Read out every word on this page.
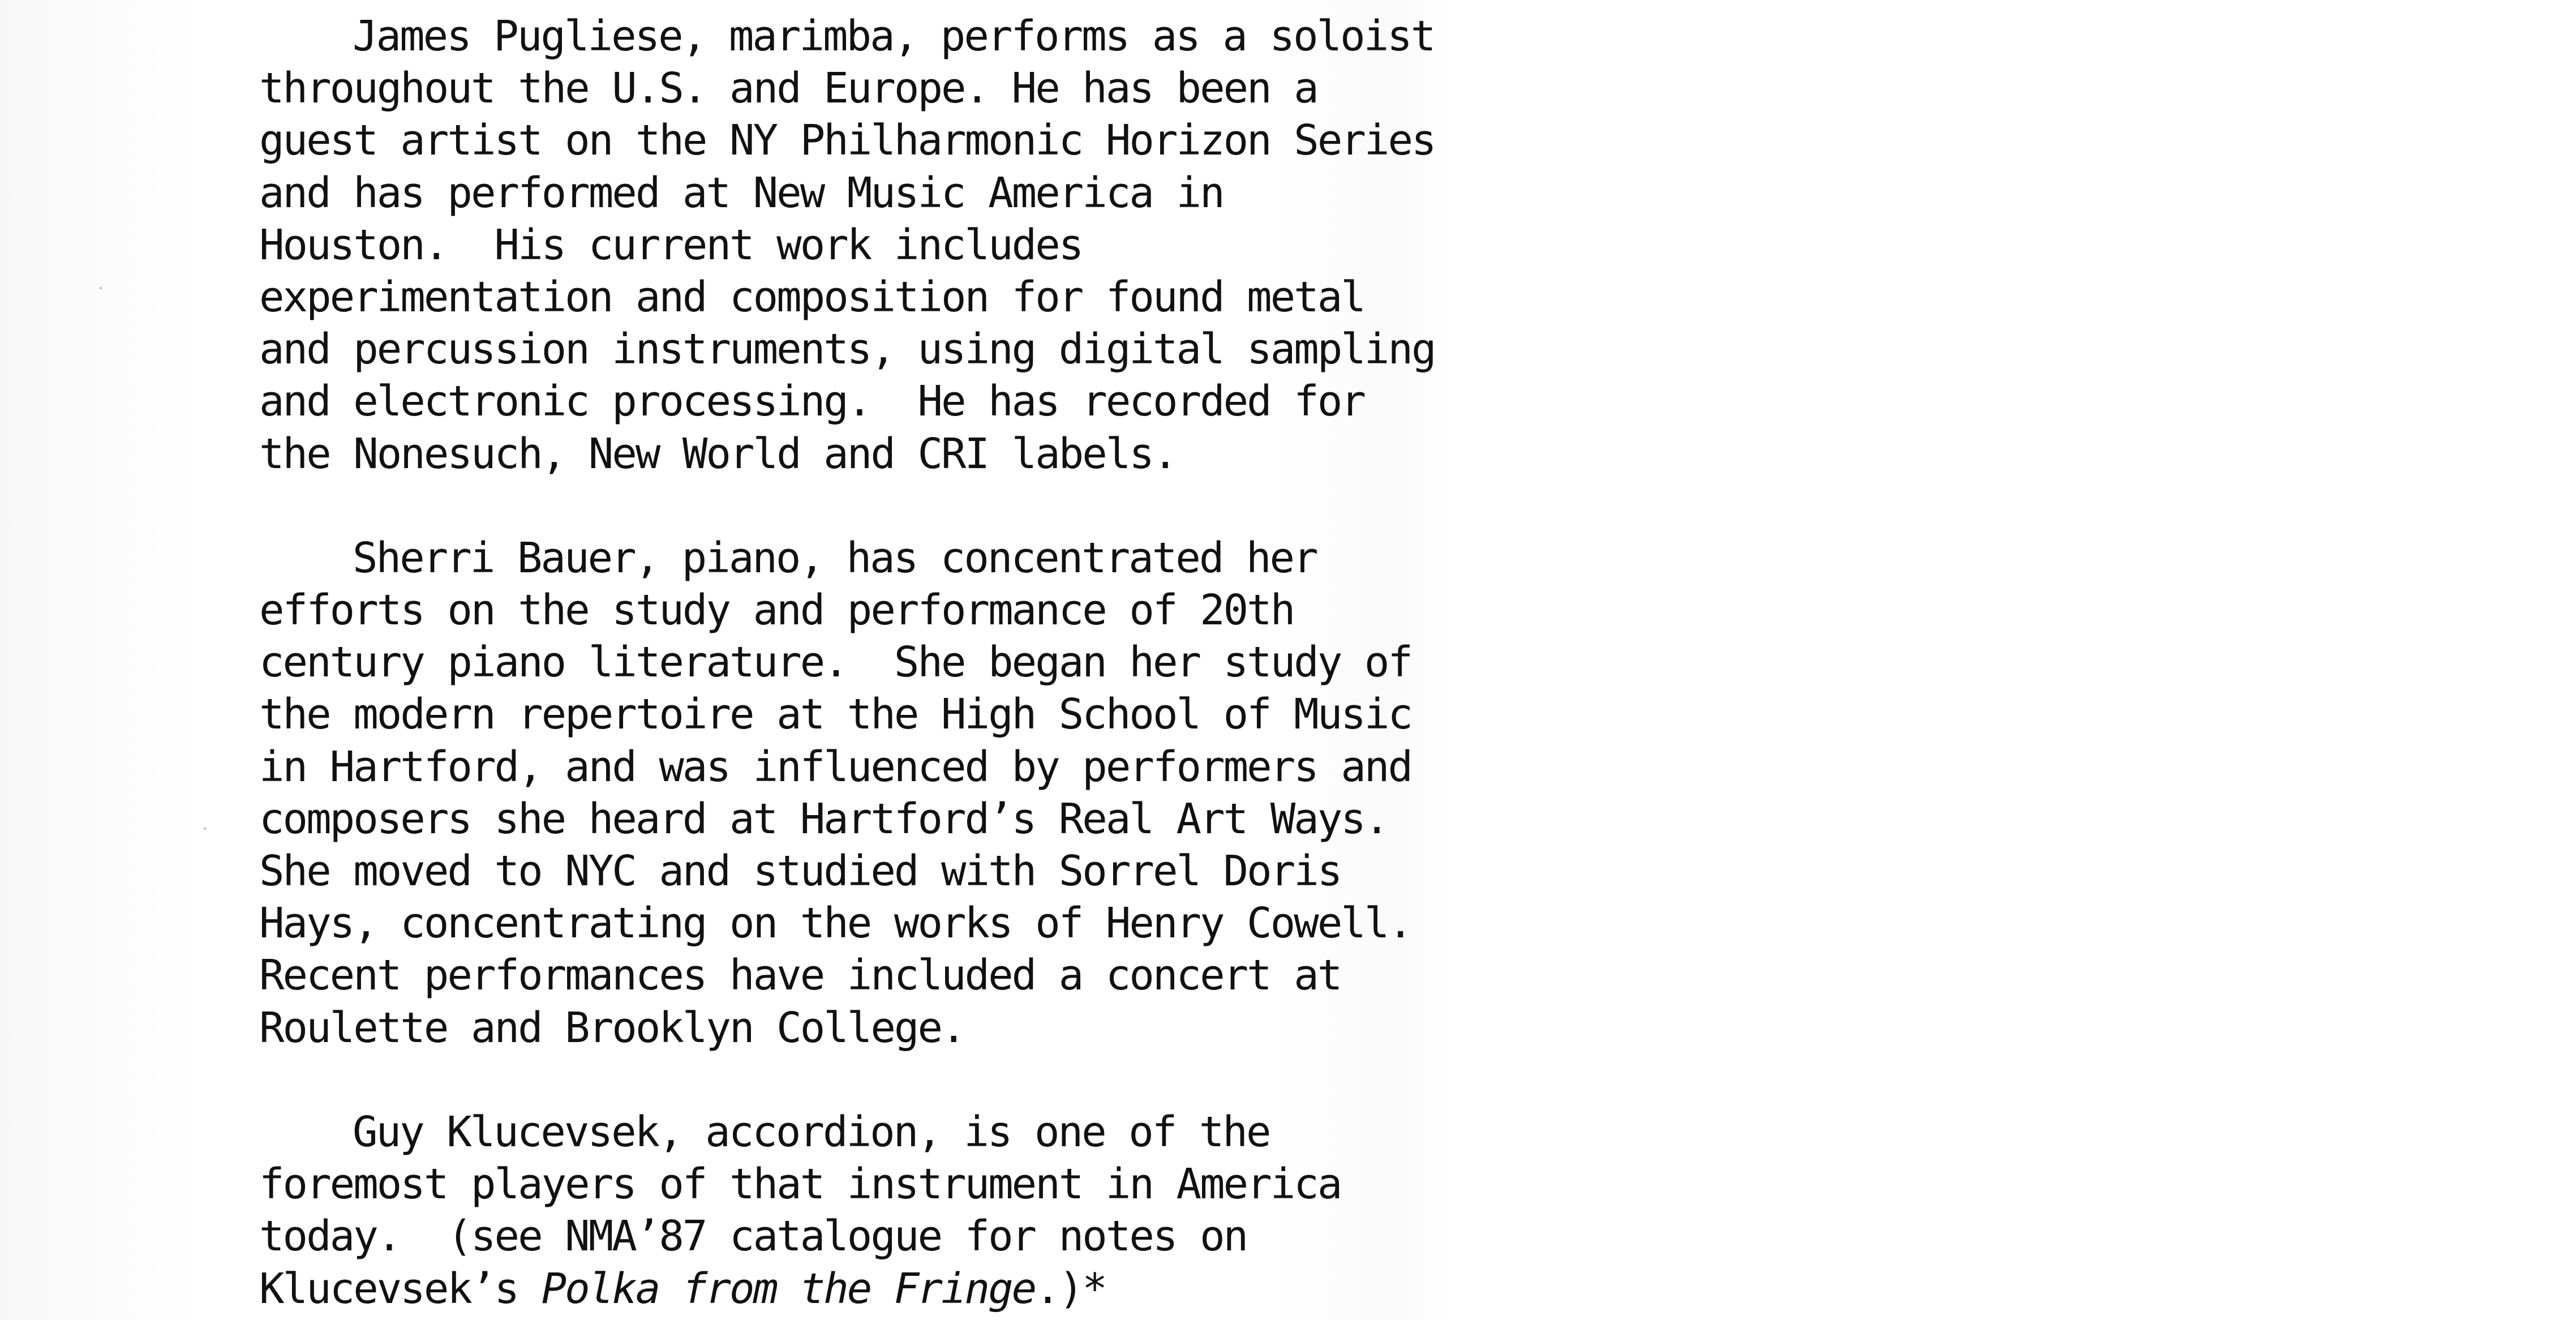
James Pugliese, marimba, performs as a soloist
throughout the U.S. and Europe. He has been a
guest artist on the NY Philharmonic Horizon Series
and has performed at New Music America in
Houston.  His current work includes
experimentation and composition for found metal
and percussion instruments, using digital sampling
and electronic processing.  He has recorded for
the Nonesuch, New World and CRI labels.
Sherri Bauer, piano, has concentrated her
efforts on the study and performance of 20th
century piano literature.  She began her study of
the modern repertoire at the High School of Music
in Hartford, and was influenced by performers and
composers she heard at Hartford’s Real Art Ways.
She moved to NYC and studied with Sorrel Doris
Hays, concentrating on the works of Henry Cowell.
Recent performances have included a concert at
Roulette and Brooklyn College.
Guy Klucevsek, accordion, is one of the
foremost players of that instrument in America
today.  (see NMA’87 catalogue for notes on
Klucevsek’s Polka from the Fringe.)*
